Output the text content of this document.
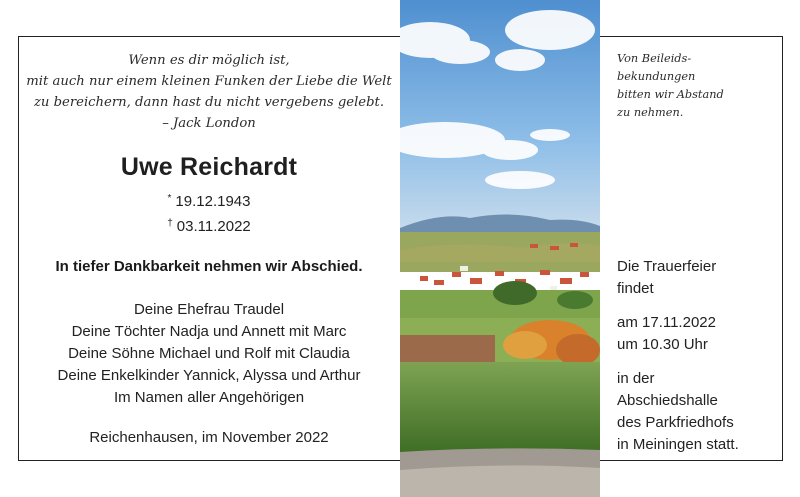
Wenn es dir möglich ist,
mit auch nur einem kleinen Funken der Liebe die Welt
zu bereichern, dann hast du nicht vergebens gelebt.
– Jack London
Uwe Reichardt
* 19.12.1943
† 03.11.2022
In tiefer Dankbarkeit nehmen wir Abschied.
Deine Ehefrau Traudel
Deine Töchter Nadja und Annett mit Marc
Deine Söhne Michael und Rolf mit Claudia
Deine Enkelkinder Yannick, Alyssa und Arthur
Im Namen aller Angehörigen
Reichenhausen, im November 2022
Von Beileids-
bekundungen
bitten wir Abstand
zu nehmen.
Die Trauerfeier
findet
am 17.11.2022
um 10.30 Uhr
in der
Abschiedshalle
des Parkfriedhofs
in Meiningen statt.
